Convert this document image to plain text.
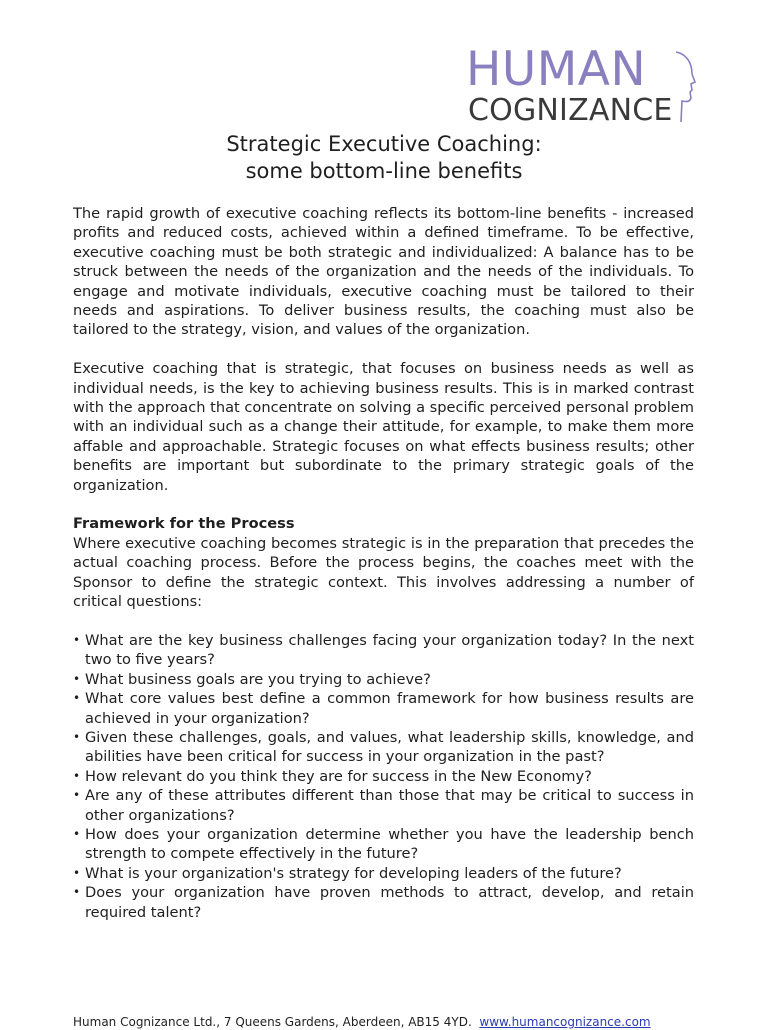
HUMAN
COGNIZANCE
Strategic Executive Coaching:
some bottom-line benefits

The rapid growth of executive coaching reflects its bottom-line benefits - increased profits and reduced costs, achieved within a defined timeframe. To be effective, executive coaching must be both strategic and individualized: A balance has to be struck between the needs of the organization and the needs of the individuals. To engage and motivate individuals, executive coaching must be tailored to their needs and aspirations. To deliver business results, the coaching must also be tailored to the strategy, vision, and values of the organization.

Executive coaching that is strategic, that focuses on business needs as well as individual needs, is the key to achieving business results. This is in marked contrast with the approach that concentrate on solving a specific perceived personal problem with an individual such as a change their attitude, for example, to make them more affable and approachable. Strategic focuses on what effects business results; other benefits are important but subordinate to the primary strategic goals of the organization.

Framework for the Process

Where executive coaching becomes strategic is in the preparation that precedes the actual coaching process. Before the process begins, the coaches meet with the Sponsor to define the strategic context. This involves addressing a number of critical questions:

• What are the key business challenges facing your organization today? In the next two to five years?
• What business goals are you trying to achieve?
• What core values best define a common framework for how business results are achieved in your organization?
• Given these challenges, goals, and values, what leadership skills, knowledge, and abilities have been critical for success in your organization in the past?
• How relevant do you think they are for success in the New Economy?
• Are any of these attributes different than those that may be critical to success in other organizations?
• How does your organization determine whether you have the leadership bench strength to compete effectively in the future?
• What is your organization's strategy for developing leaders of the future?
• Does your organization have proven methods to attract, develop, and retain required talent?
Human Cognizance Ltd., 7 Queens Gardens, Aberdeen, AB15 4YD. www.humancognizance.com
